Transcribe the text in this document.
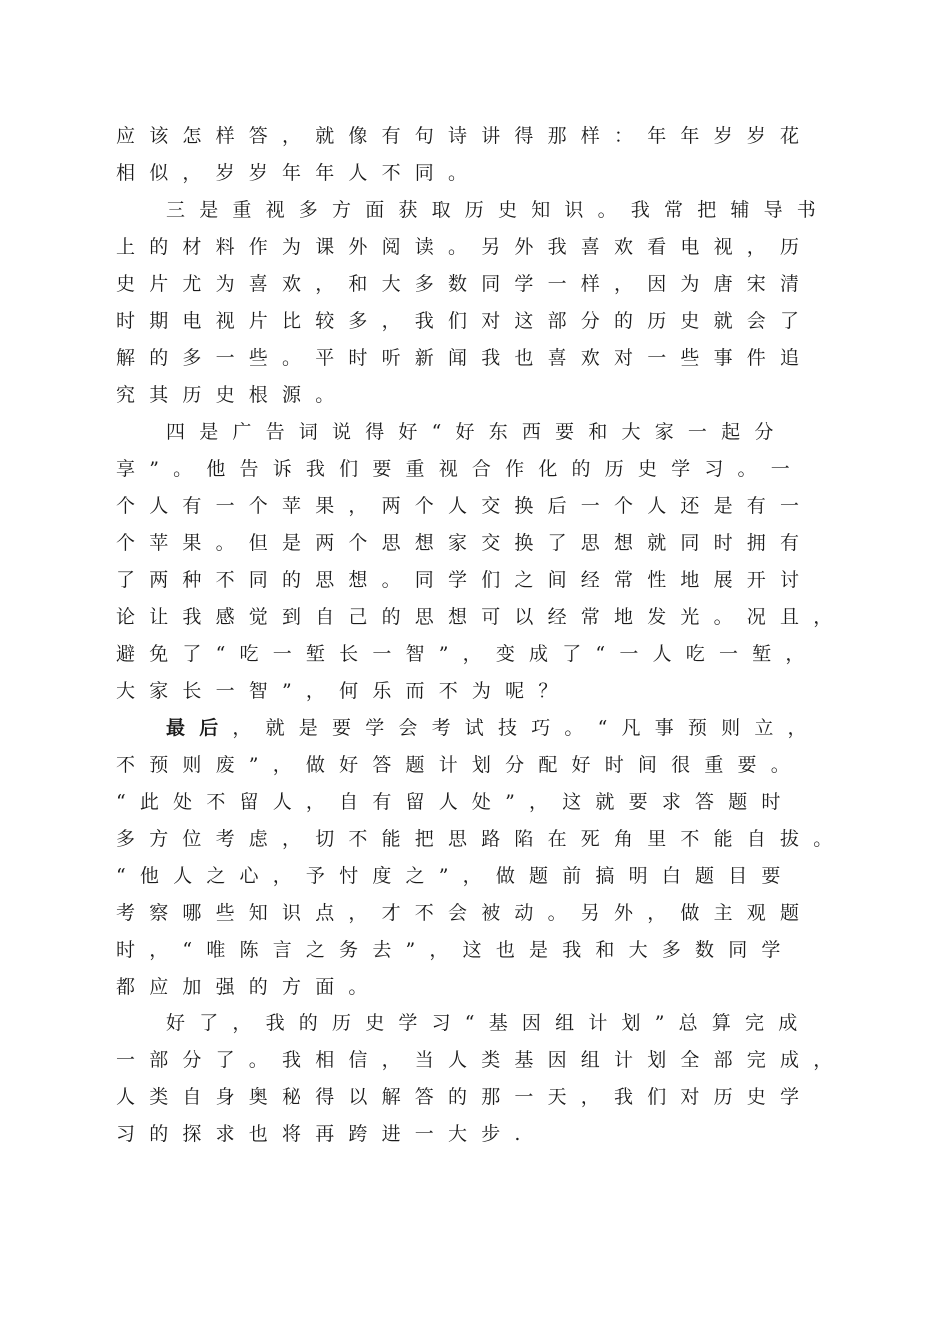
应该怎样答，就像有句诗讲得那样：年年岁岁花
相似，岁岁年年人不同。
三是重视多方面获取历史知识。我常把辅导书
上的材料作为课外阅读。另外我喜欢看电视，历
史片尤为喜欢，和大多数同学一样，因为唐宋清
时期电视片比较多，我们对这部分的历史就会了
解的多一些。平时听新闻我也喜欢对一些事件追
究其历史根源。
四是广告词说得好“好东西要和大家一起分
享”。他告诉我们要重视合作化的历史学习。一
个人有一个苹果，两个人交换后一个人还是有一
个苹果。但是两个思想家交换了思想就同时拥有
了两种不同的思想。同学们之间经常性地展开讨
论让我感觉到自己的思想可以经常地发光。况且，
避免了“吃一堑长一智”，变成了“一人吃一堑，
大家长一智”，何乐而不为呢？
最后，就是要学会考试技巧。“凡事预则立，
不预则废”，做好答题计划分配好时间很重要。
“此处不留人，自有留人处”，这就要求答题时
多方位考虑，切不能把思路陷在死角里不能自拔。
“他人之心，予忖度之”，做题前搞明白题目要
考察哪些知识点，才不会被动。另外，做主观题
时，“唯陈言之务去”，这也是我和大多数同学
都应加强的方面。
好了，我的历史学习“基因组计划”总算完成
一部分了。我相信，当人类基因组计划全部完成，
人类自身奥秘得以解答的那一天，我们对历史学
习的探求也将再跨进一大步.
